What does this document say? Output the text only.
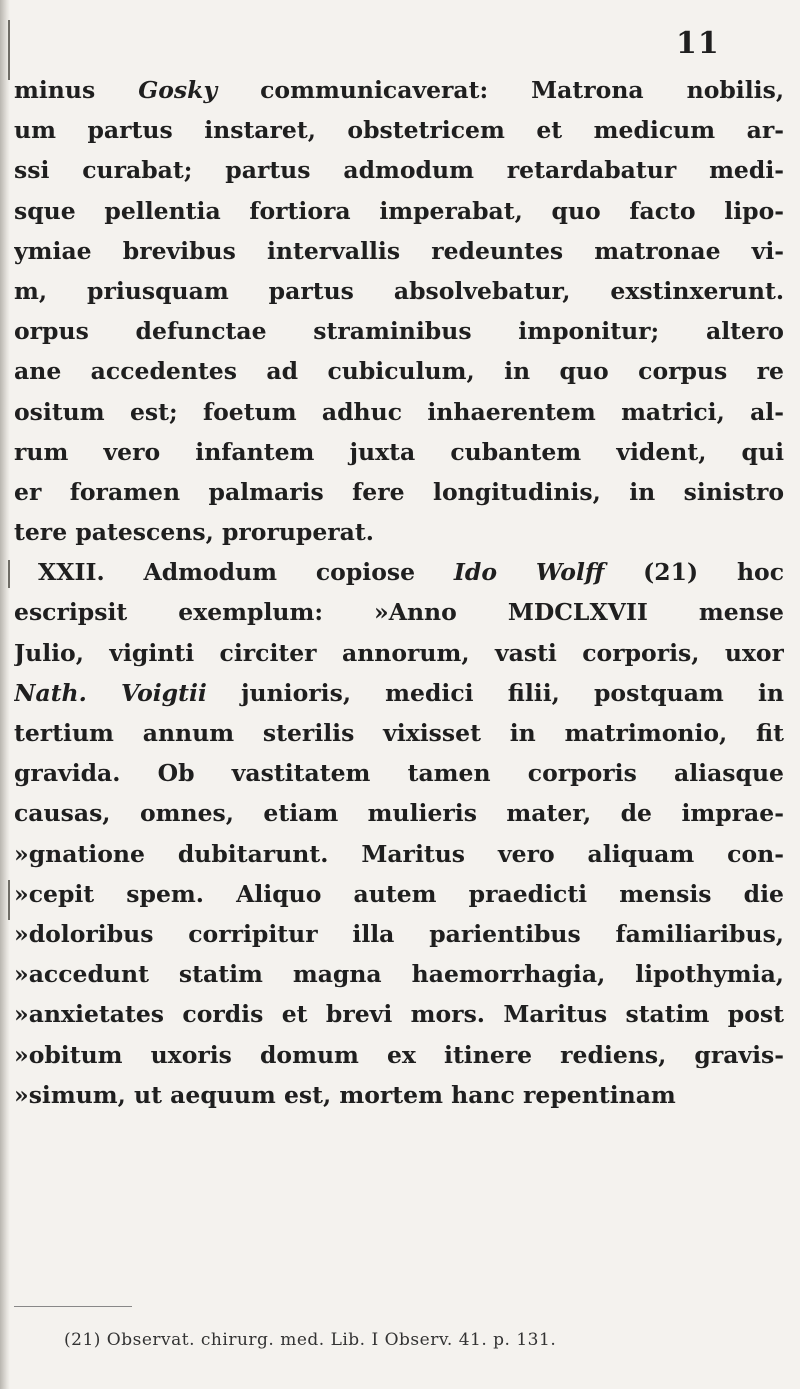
11
minus Gosky communicaverat: Matrona nobilis,
um partus instaret, obstetricem et medicum ar-
ssi curabat; partus admodum retardabatur medi-
sque pellentia fortiora imperabat, quo facto lipo-
ymiae brevibus intervallis redeuntes matronae vi-
m, priusquam partus absolvebatur, exstinxerunt.
orpus defunctae straminibus imponitur; altero
ane accedentes ad cubiculum, in quo corpus re
ositum est; foetum adhuc inhaerentem matrici, al-
rum vero infantem juxta cubantem vident, qui
er foramen palmaris fere longitudinis, in sinistro
tere patescens, proruperat.
XXII. Admodum copiose Ido Wolff (21) hoc
escripsit exemplum: »Anno MDCLXVII mense
Julio, viginti circiter annorum, vasti corporis, uxor
Nath. Voigtii junioris, medici filii, postquam in
tertium annum sterilis vixisset in matrimonio, fit
gravida. Ob vastitatem tamen corporis aliasque
causas, omnes, etiam mulieris mater, de imprae-
»gnatione dubitarunt. Maritus vero aliquam con-
»cepit spem. Aliquo autem praedicti mensis die
»doloribus corripitur illa parientibus familiaribus,
»accedunt statim magna haemorrhagia, lipothymia,
»anxietates cordis et brevi mors. Maritus statim post
»obitum uxoris domum ex itinere rediens, gravis-
»simum, ut aequum est, mortem hanc repentinam
(21) Observat. chirurg. med. Lib. I Observ. 41. p. 131.
